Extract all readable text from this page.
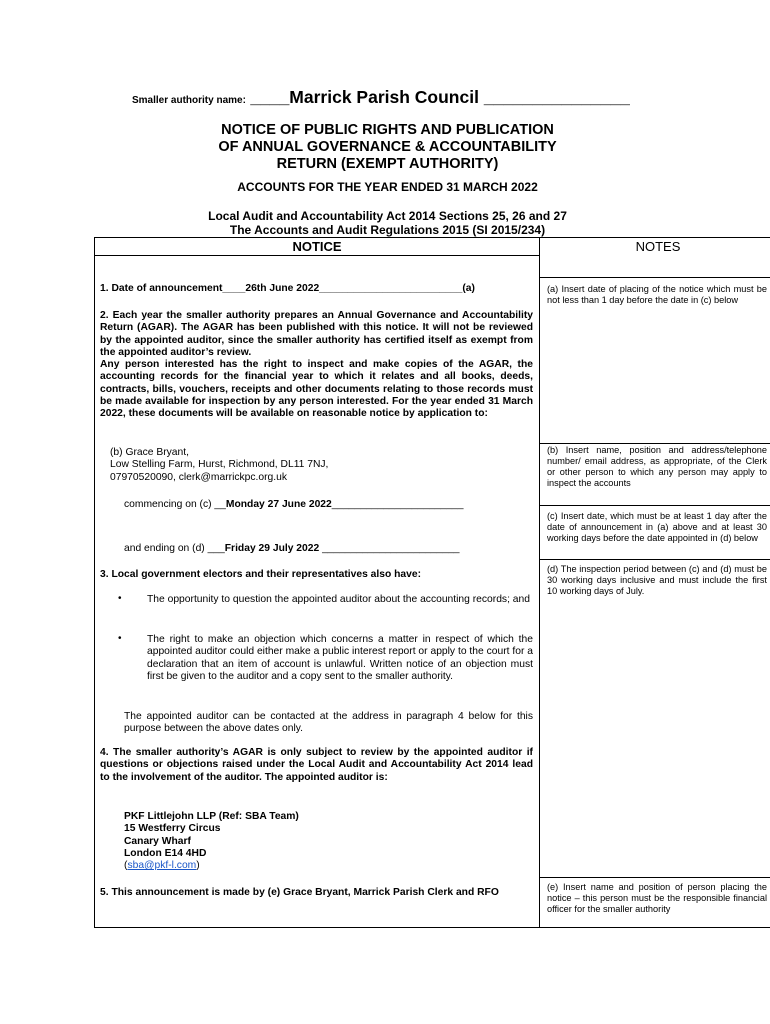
Smaller authority name: ____Marrick Parish Council _______________
NOTICE OF PUBLIC RIGHTS AND PUBLICATION
OF ANNUAL GOVERNANCE & ACCOUNTABILITY
RETURN (EXEMPT AUTHORITY)
ACCOUNTS FOR THE YEAR ENDED 31 MARCH 2022
Local Audit and Accountability Act 2014 Sections 25, 26 and 27
The Accounts and Audit Regulations 2015 (SI 2015/234)
NOTICE	NOTES
1. Date of announcement____26th June 2022_________________________(a)
2. Each year the smaller authority prepares an Annual Governance and Accountability Return (AGAR). The AGAR has been published with this notice. It will not be reviewed by the appointed auditor, since the smaller authority has certified itself as exempt from the appointed auditor’s review.
Any person interested has the right to inspect and make copies of the AGAR, the accounting records for the financial year to which it relates and all books, deeds, contracts, bills, vouchers, receipts and other documents relating to those records must be made available for inspection by any person interested. For the year ended 31 March 2022, these documents will be available on reasonable notice by application to:
(b) Grace Bryant,
Low Stelling Farm, Hurst, Richmond, DL11 7NJ,
07970520090, clerk@marrickpc.org.uk
commencing on (c) __Monday 27 June 2022_______________________
and ending on (d) ___Friday 29 July 2022 ________________________
3. Local government electors and their representatives also have:
• The opportunity to question the appointed auditor about the accounting records; and
• The right to make an objection which concerns a matter in respect of which the appointed auditor could either make a public interest report or apply to the court for a declaration that an item of account is unlawful. Written notice of an objection must first be given to the auditor and a copy sent to the smaller authority.
The appointed auditor can be contacted at the address in paragraph 4 below for this purpose between the above dates only.
4. The smaller authority’s AGAR is only subject to review by the appointed auditor if questions or objections raised under the Local Audit and Accountability Act 2014 lead to the involvement of the auditor. The appointed auditor is:
PKF Littlejohn LLP (Ref: SBA Team)
15 Westferry Circus
Canary Wharf
London E14 4HD
(sba@pkf-l.com)
5. This announcement is made by (e) Grace Bryant, Marrick Parish Clerk and RFO
(a) Insert date of placing of the notice which must be not less than 1 day before the date in (c) below
(b) Insert name, position and address/telephone number/ email address, as appropriate, of the Clerk or other person to which any person may apply to inspect the accounts
(c) Insert date, which must be at least 1 day after the date of announcement in (a) above and at least 30 working days before the date appointed in (d) below
(d) The inspection period between (c) and (d) must be 30 working days inclusive and must include the first 10 working days of July.
(e) Insert name and position of person placing the notice – this person must be the responsible financial officer for the smaller authority
